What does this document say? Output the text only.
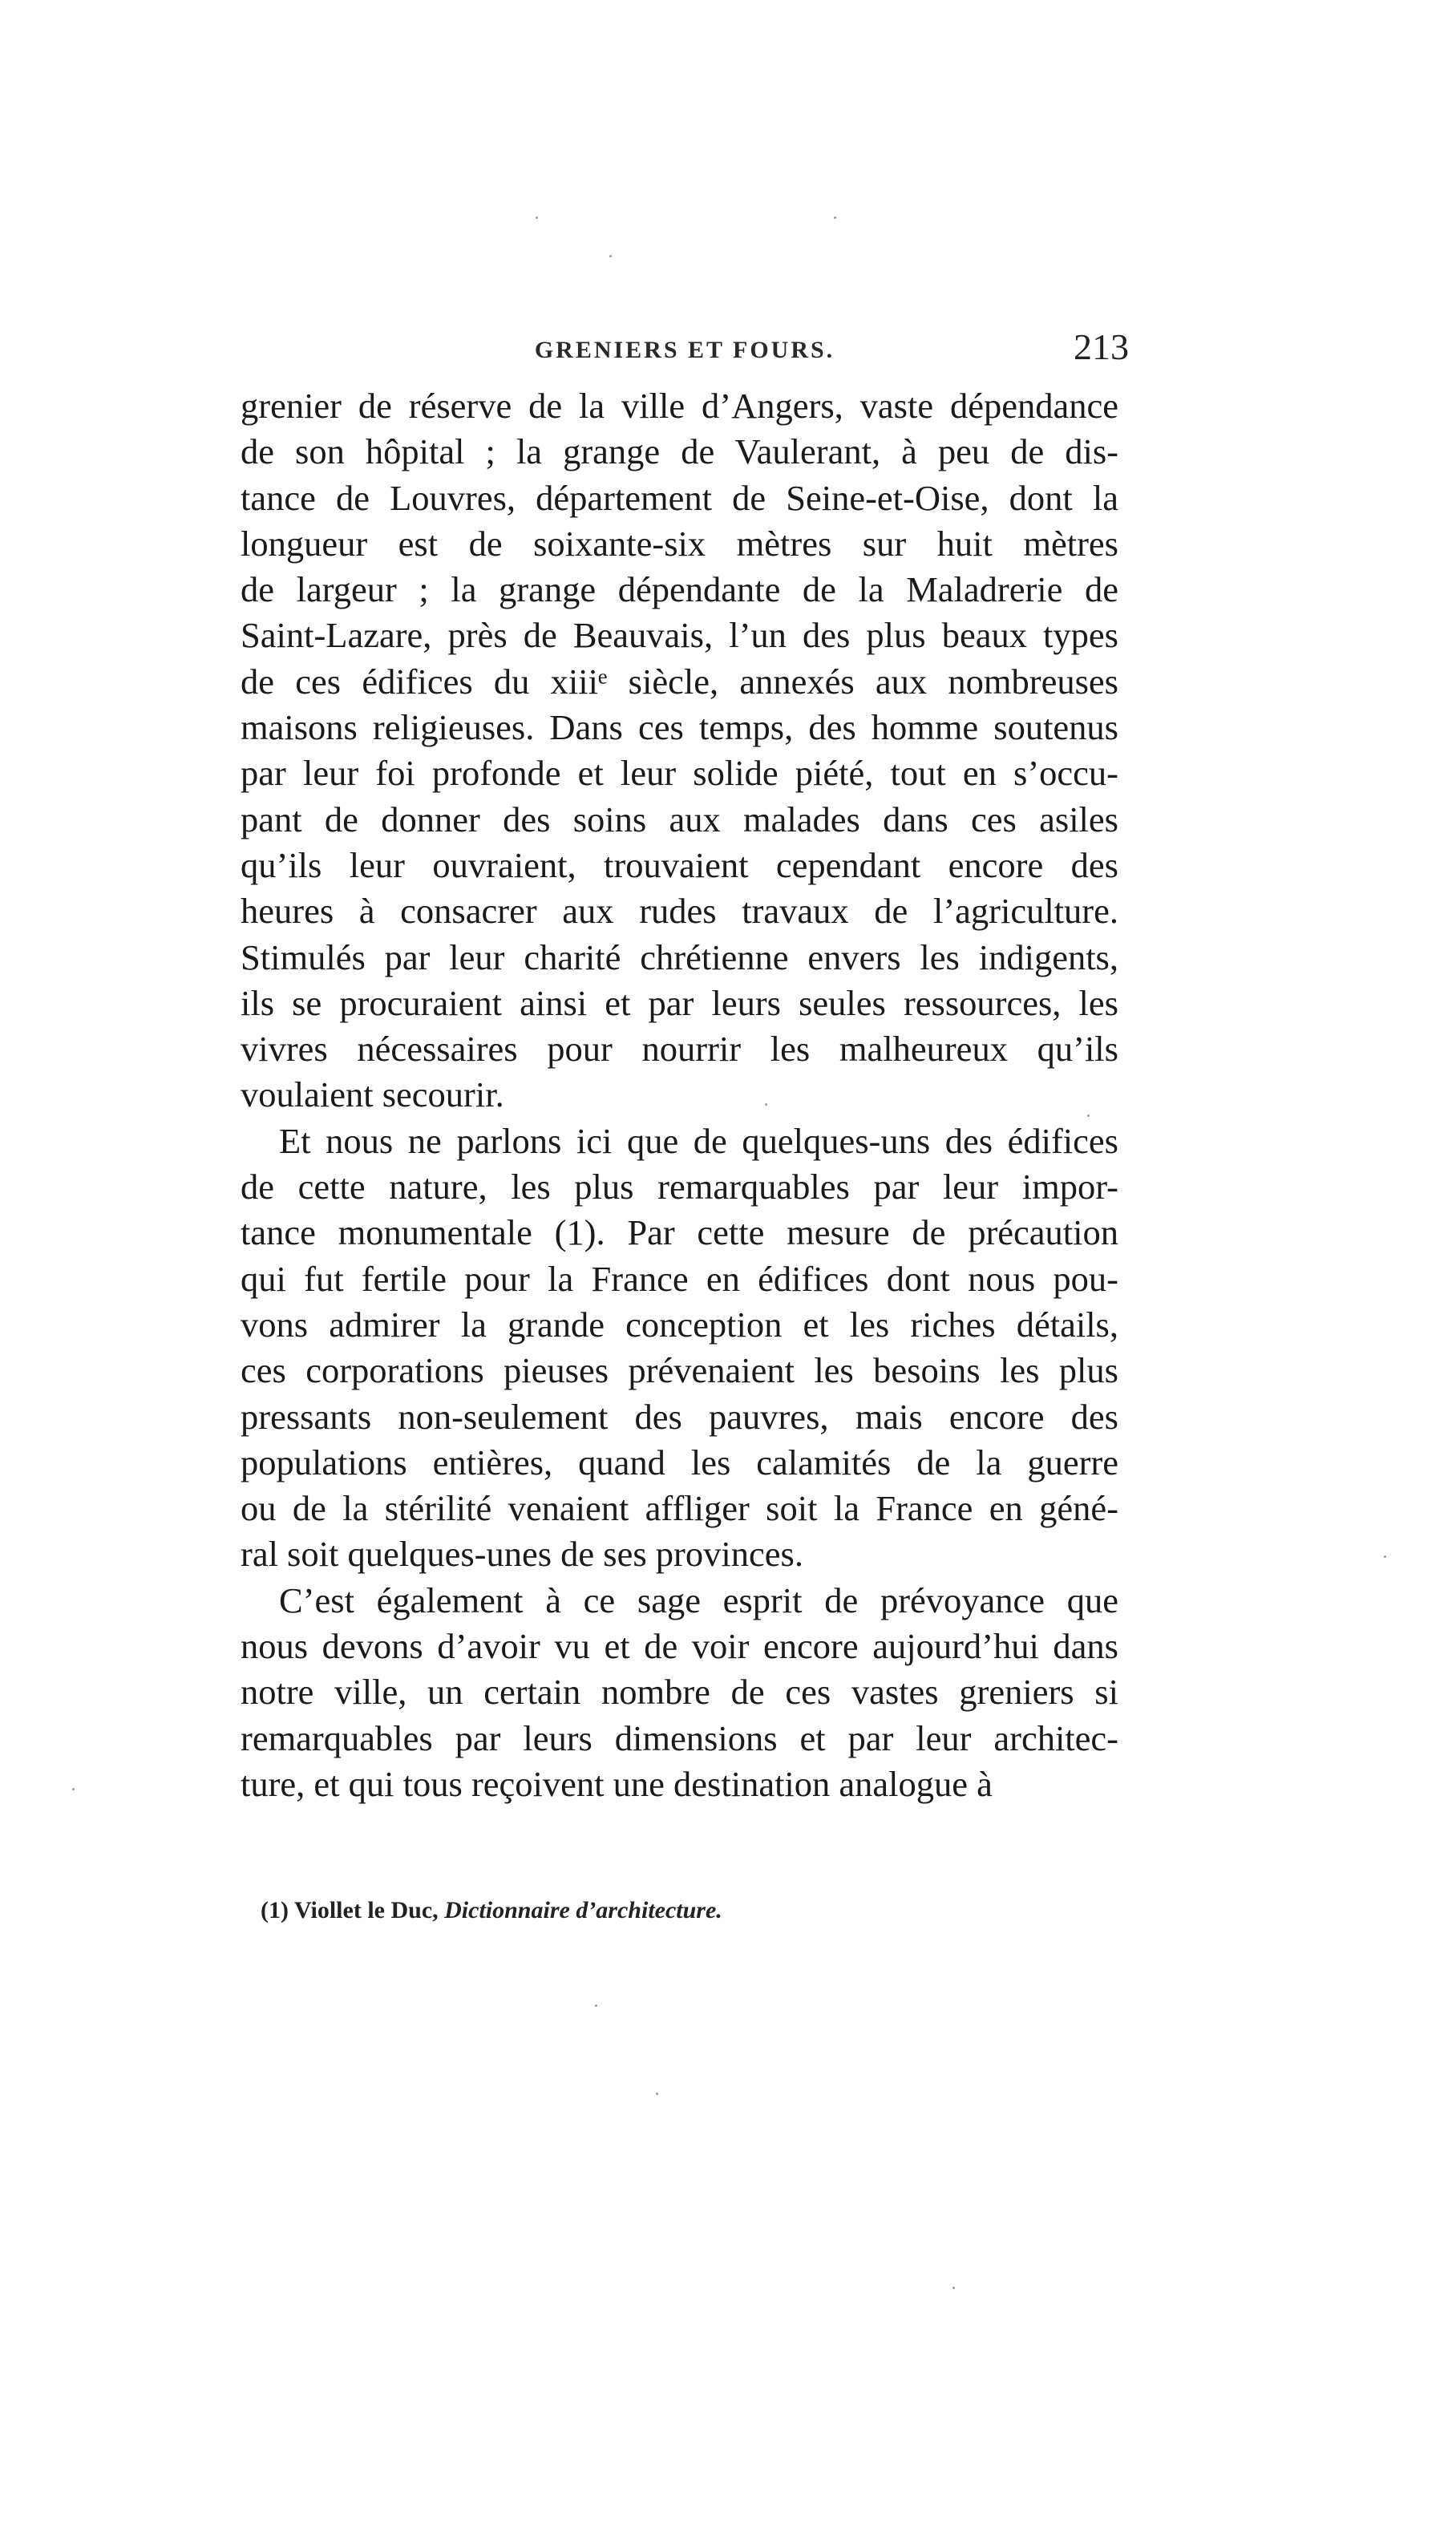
GRENIERS ET FOURS.	213
grenier de réserve de la ville d’Angers, vaste dépendance
de son hôpital ; la grange de Vaulerant, à peu de dis-
tance de Louvres, département de Seine-et-Oise, dont la
longueur est de soixante-six mètres sur huit mètres
de largeur ; la grange dépendante de la Maladrerie de
Saint-Lazare, près de Beauvais, l’un des plus beaux types
de ces édifices du xiiiᵉ siècle, annexés aux nombreuses
maisons religieuses. Dans ces temps, des homme soutenus
par leur foi profonde et leur solide piété, tout en s’occu-
pant de donner des soins aux malades dans ces asiles
qu’ils leur ouvraient, trouvaient cependant encore des
heures à consacrer aux rudes travaux de l’agriculture.
Stimulés par leur charité chrétienne envers les indigents,
ils se procuraient ainsi et par leurs seules ressources, les
vivres nécessaires pour nourrir les malheureux qu’ils
voulaient secourir.
Et nous ne parlons ici que de quelques-uns des édifices
de cette nature, les plus remarquables par leur impor-
tance monumentale (1). Par cette mesure de précaution
qui fut fertile pour la France en édifices dont nous pou-
vons admirer la grande conception et les riches détails,
ces corporations pieuses prévenaient les besoins les plus
pressants non-seulement des pauvres, mais encore des
populations entières, quand les calamités de la guerre
ou de la stérilité venaient affliger soit la France en géné-
ral soit quelques-unes de ses provinces.
C’est également à ce sage esprit de prévoyance que
nous devons d’avoir vu et de voir encore aujourd’hui dans
notre ville, un certain nombre de ces vastes greniers si
remarquables par leurs dimensions et par leur architec-
ture, et qui tous reçoivent une destination analogue à
(1) Viollet le Duc, Dictionnaire d’architecture.
